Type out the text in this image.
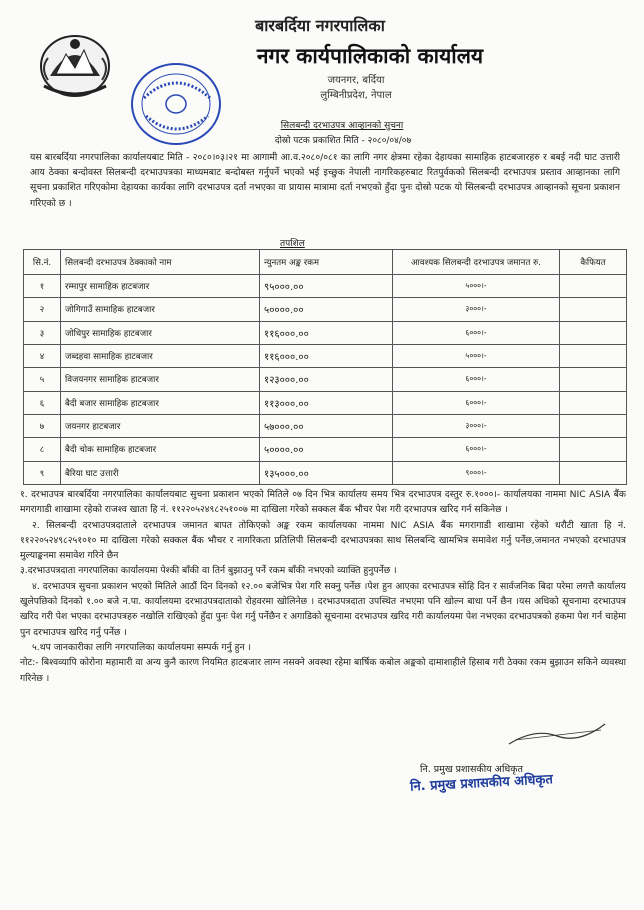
बारबर्दिया नगरपालिका
नगर कार्यपालिकाको कार्यालय
जयनगर, बर्दिया
लुम्बिनीप्रदेश, नेपाल
सिलबन्दी दरभाउपत्र आव्हानको सुचना
दोस्रो पटक प्रकाशित मिति - २०८०/०४/०७
यस बारबर्दिया नगरपालिका कार्यालयबाट मिति - २०८०।०३।२१ मा आगामी आ.व.२०८०/०८१ का लागि नगर क्षेत्रमा रहेका देहायका सामाहिक हाटबजारहरु र बबई नदी घाट उत्तारी आय ठेक्का बन्दोवस्त सिलबन्दी दरभाउपत्रका माध्यमबाट बन्दोबस्त गर्नुपर्ने भएको भई इच्छुक नेपाली नागरिकहरुबाट रितपुर्वकको सिलबन्दी दरभाउपत्र प्रस्ताव आव्हानका लागि सूचना प्रकाशित गरिएकोमा देहायका कार्यका लागि दरभाउपत्र दर्ता नभएका वा प्रायास मात्रामा दर्ता नभएकाे हुँदा पुनः दोस्रो पटक यो सिलबन्दी दरभाउपत्र आव्हानको सूचना प्रकाशन गरिएको छ ।
तपशिल
सि.नं.	सिलबन्दी दरभाउपत्र ठेक्काको नाम	न्युनतम अङ्क रकम	आवश्यक सिलबन्दी दरभाउपत्र जमानत रु.	कैफियत
१	रम्मापुर सामाहिक हाटबजार	९५०००.००	५०००।-	
२	जोगिगाउँ सामाहिक हाटबजार	५००००.००	३०००।-	
३	जोधिपुर सामाहिक हाटबजार	११६०००.००	६०००।-	
४	जब्दहवा सामाहिक हाटबजार	११६०००.००	५०००।-	
५	विजयनगर सामाहिक हाटबजार	१२३०००.००	६०००।-	
६	बैदी बजार सामाहिक हाटबजार	११३०००.००	६०००।-	
७	जयनगर हाटबजार	५७०००.००	३०००।-	
८	बैदी चोक सामाहिक हाटबजार	५००००.००	६०००।-	
९	बैरिया घाट उत्तारी	१३५०००.००	९०००।-	

१. दरभाउपत्र बारबर्दिया नगरपालिका कार्यालयबाट सुचना प्रकाशन भएको मितिले ०७ दिन भित्र कार्यालय समय भित्र दरभाउपत्र दस्तुर रु.१०००।- कार्यालयका नाममा NIC ASIA बैंक मगरागाडी शाखामा रहेको राजश्व खाता हि नं. ११२२०५२४९८२५१००७ मा दाखिला गरेको सक्कल बैंक भौचर पेश गरी दरभाउपत्र खरिद गर्न सकिनेछ ।

२. सिलबन्दी दरभाउपत्रदाताले दरभाउपत्र जमानत बापत तोकिएको अङ्क रकम कार्यालयका नाममा NIC ASIA बैंक मगरागाडी शाखामा रहेको धरौटी खाता हि नं. ११२२०५२४९८२५१०१० मा दाखिला गरेको सक्कल बैंक भौचर र नागरिकता प्रतिलिपी सिलबन्दी दरभाउपत्रका साथ सिलबन्दि खामभित्र समावेश गर्नु पर्नेछ,जमानत नभएको दरभाउपत्र मुल्याङ्कनमा समावेश गरिने छैन

३.दरभाउपत्रदाता नगरपालिका कार्यालयमा पेश्की बाँकी वा तिर्न बुझाउनु पर्ने रकम बाँकी नभएको व्याक्ति हुनुपर्नेछ ।

४. दरभाउपत्र सुचना प्रकाशन भएको मितिले आठौं दिन दिनको १२.०० बजेभित्र पेश गरि सक्नु पर्नेछ ।पेश हुन आएका दरभाउपत्र सोहि दिन र सार्वजनिक बिदा परेमा लगत्तै कार्यालय खुलेपछिको दिनको १.०० बजे न.पा. कार्यालयमा दरभाउपत्रदाताको रोहवरमा खोलिनेछ । दरभाउपत्रदाता उपस्थित नभएमा पनि खोल्न बाधा पर्ने छैन ।यस अधिको सूचनामा दरभाउपत्र खरिद गरी पेश भएका दरभाउपत्रहरु नखोलि राखिएको हुँदा पुनः पेश गर्नु पर्नेछैन र अगाडिको सूचनामा दरभाउपत्र खरिद गरी कार्यालयमा पेश नभएका दरभाउपत्रको हकमा पेश गर्न चाहेमा पुन दरभाउपत्र खरिद गर्नु पर्नेछ ।

५.थप जानकारीका लागि नगरपालिका कार्यालयमा सम्पर्क गर्नु हुन ।

नोट:- बिश्वव्यापि कोरोना महामारी वा अन्य कुनै कारण नियमित हाटबजार लाग्न नसक्ने अवस्था रहेमा बार्षिक कबोल अङ्कको दामाशाहीले हिसाब गरी ठेक्का रकम बुझाउन सकिने व्यवस्था गरिनेछ ।

नि. प्रमुख प्रशासकीय अधिकृत
नि. प्रमुख प्रशासकीय अधिकृत
